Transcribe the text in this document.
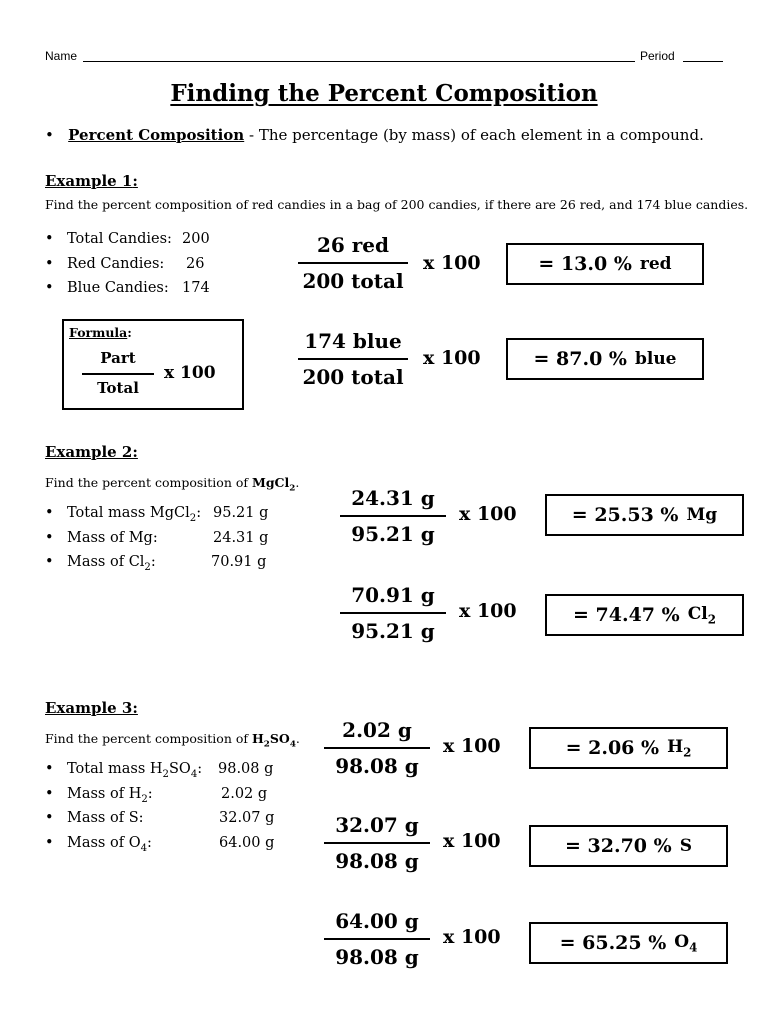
Name	Period
Finding the Percent Composition
• Percent Composition - The percentage (by mass) of each element in a compound.
Example 1:
Find the percent composition of red candies in a bag of 200 candies, if there are 26 red, and 174 blue candies.
• Total Candies: 200
• Red Candies: 26
• Blue Candies: 174
Formula:
Part
Total
x 100
26 red
200 total
x 100	= 13.0 % red
174 blue
200 total
x 100	= 87.0 % blue
Example 2:
Find the percent composition of MgCl$_2$.
• Total mass MgCl$_2$: 95.21 g
• Mass of Mg:	24.31 g
• Mass of $Cl_2$:	70.91 g
24.31 g
95.21 g
x 100	= 25.53 % Mg
70.91 g
95.21 g
x 100	= 74.47 % $Cl_2$
Example 3:
Find the percent composition of $H_2SO_4$.
• Total mass $H_2SO_4$: 98.08 g
• Mass of $H_2$:	2.02 g
• Mass of S:	32.07 g
• Mass of $O_4$:	64.00 g
2.02 g
98.08 g
x 100	= 2.06 % $H_2$
32.07 g
98.08 g
x 100	= 32.70 % S
64.00 g
98.08 g
x 100	= 65.25 % $O_4$
